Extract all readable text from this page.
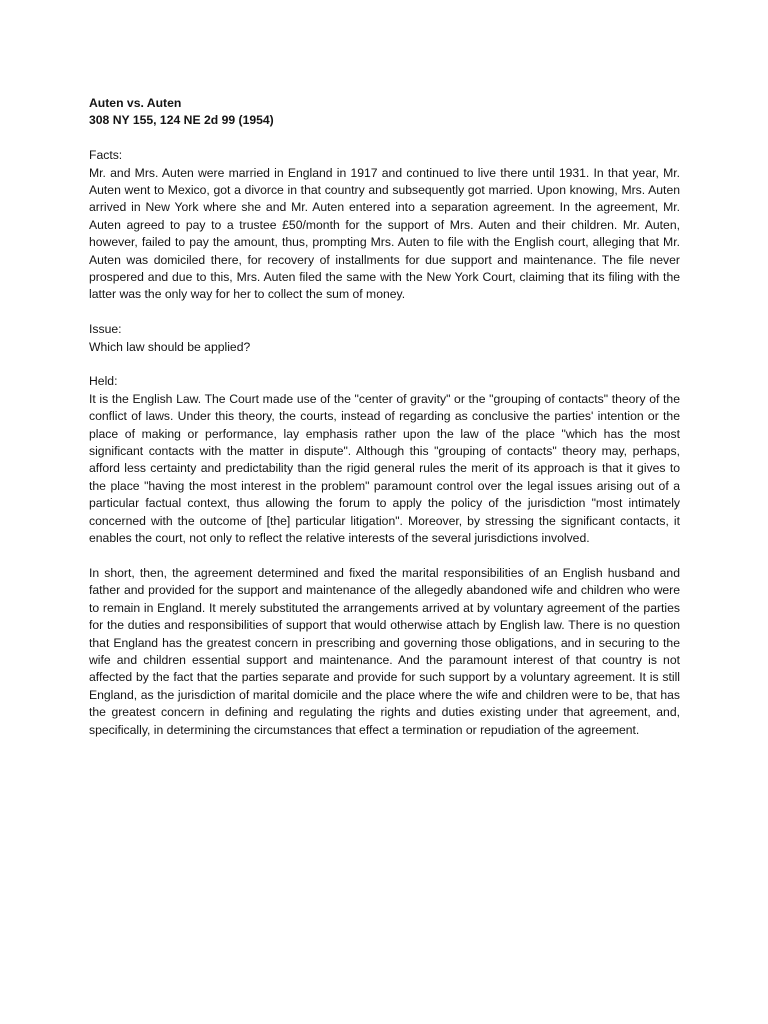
Auten vs. Auten
308 NY 155, 124 NE 2d 99 (1954)

Facts:

Mr. and Mrs. Auten were married in England in 1917 and continued to live there until 1931. In that year, Mr. Auten went to Mexico, got a divorce in that country and subsequently got married. Upon knowing, Mrs. Auten arrived in New York where she and Mr. Auten entered into a separation agreement. In the agreement, Mr. Auten agreed to pay to a trustee £50/month for the support of Mrs. Auten and their children. Mr. Auten, however, failed to pay the amount, thus, prompting Mrs. Auten to file with the English court, alleging that Mr. Auten was domiciled there, for recovery of installments for due support and maintenance. The file never prospered and due to this, Mrs. Auten filed the same with the New York Court, claiming that its filing with the latter was the only way for her to collect the sum of money.

Issue:

Which law should be applied?

Held:

It is the English Law. The Court made use of the "center of gravity" or the "grouping of contacts" theory of the conflict of laws. Under this theory, the courts, instead of regarding as conclusive the parties' intention or the place of making or performance, lay emphasis rather upon the law of the place "which has the most significant contacts with the matter in dispute". Although this "grouping of contacts" theory may, perhaps, afford less certainty and predictability than the rigid general rules the merit of its approach is that it gives to the place "having the most interest in the problem" paramount control over the legal issues arising out of a particular factual context, thus allowing the forum to apply the policy of the jurisdiction "most intimately concerned with the outcome of [the] particular litigation". Moreover, by stressing the significant contacts, it enables the court, not only to reflect the relative interests of the several jurisdictions involved.

In short, then, the agreement determined and fixed the marital responsibilities of an English husband and father and provided for the support and maintenance of the allegedly abandoned wife and children who were to remain in England. It merely substituted the arrangements arrived at by voluntary agreement of the parties for the duties and responsibilities of support that would otherwise attach by English law. There is no question that England has the greatest concern in prescribing and governing those obligations, and in securing to the wife and children essential support and maintenance. And the paramount interest of that country is not affected by the fact that the parties separate and provide for such support by a voluntary agreement. It is still England, as the jurisdiction of marital domicile and the place where the wife and children were to be, that has the greatest concern in defining and regulating the rights and duties existing under that agreement, and, specifically, in determining the circumstances that effect a termination or repudiation of the agreement.
